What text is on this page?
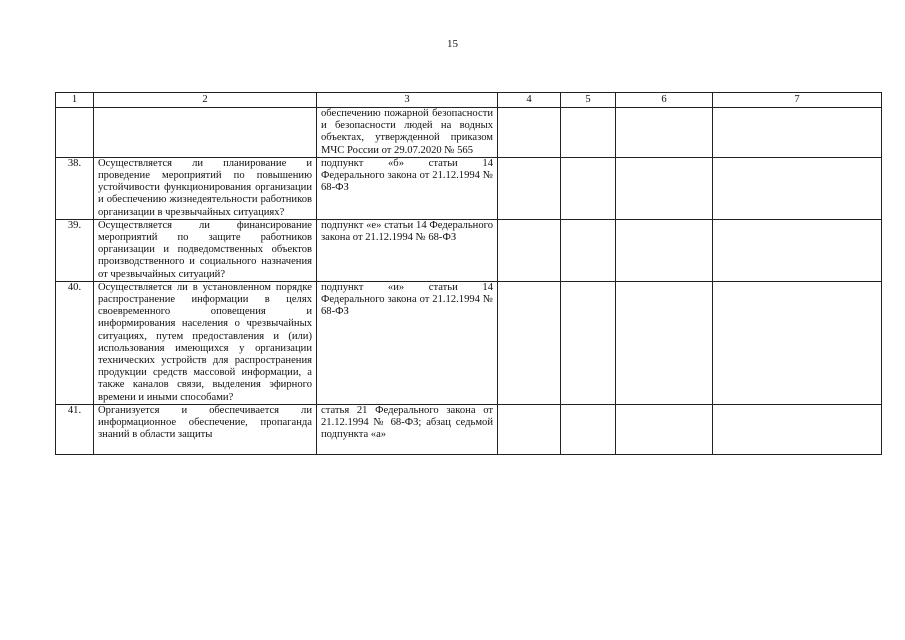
15
1	2	3	4	5	6	7
		обеспечению пожарной безопасности и безопасности людей на водных объектах, утвержденной приказом МЧС России от 29.07.2020 № 565				
38.	Осуществляется ли планирование и проведение мероприятий по повышению устойчивости функционирования организации и обеспечению жизнедеятельности работников организации в чрезвычайных ситуациях?	подпункт «б» статьи 14 Федерального закона от 21.12.1994 № 68-ФЗ				
39.	Осуществляется ли финансирование мероприятий по защите работников организации и подведомственных объектов производственного и социального назначения от чрезвычайных ситуаций?	подпункт «е» статьи 14 Федерального закона от 21.12.1994 № 68-ФЗ				
40.	Осуществляется ли в установленном порядке распространение информации в целях своевременного оповещения и информирования населения о чрезвычайных ситуациях, путем предоставления и (или) использования имеющихся у организации технических устройств для распространения продукции средств массовой информации, а также каналов связи, выделения эфирного времени и иными способами?	подпункт «и» статьи 14 Федерального закона от 21.12.1994 № 68-ФЗ				

41.	Организуется и обеспечивается ли информационное обеспечение, пропаганда знаний в области защиты	статья 21 Федерального закона от 21.12.1994 № 68-ФЗ; абзац седьмой подпункта «а»				
